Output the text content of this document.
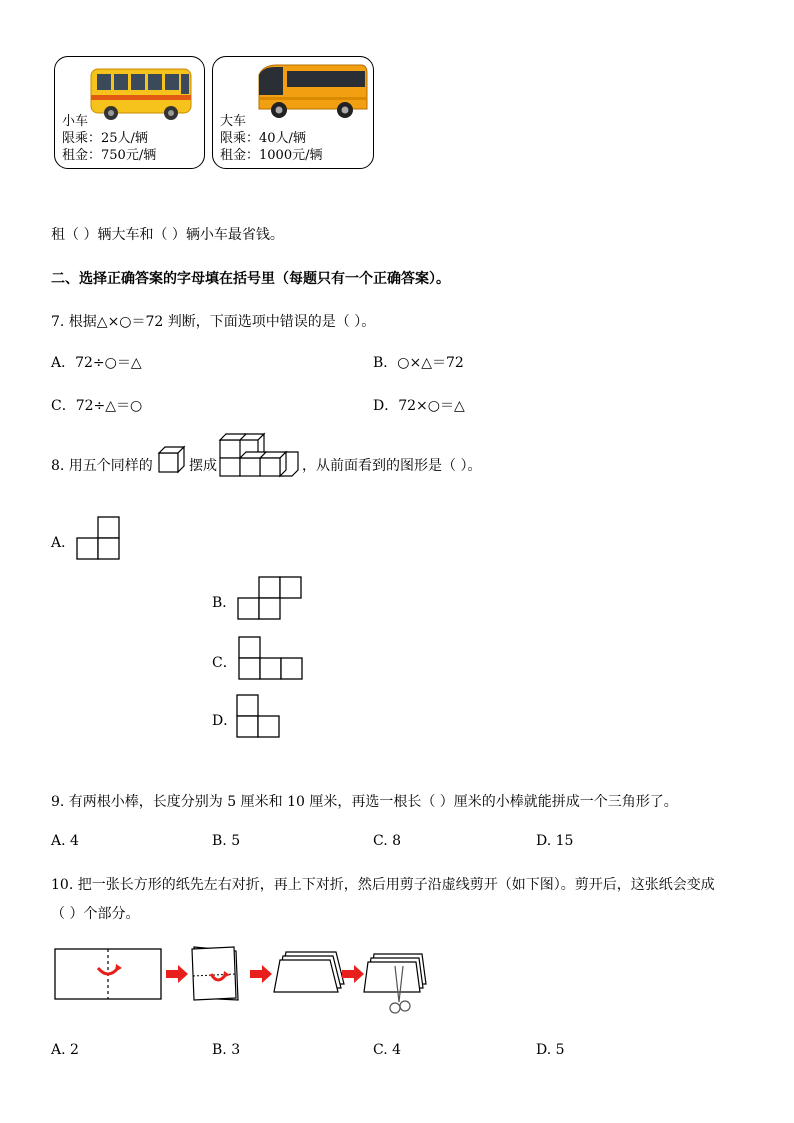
小车
限乘：25人/辆
租金：750元/辆
大车
限乘：40人/辆
租金：1000元/辆
租（ ）辆大车和（ ）辆小车最省钱。
二、选择正确答案的字母填在括号里（每题只有一个正确答案）。
7. 根据△×○＝72 判断，下面选项中错误的是（ ）。
A．72÷○＝△	B．○×△＝72
C．72÷△＝○	D．72×○＝△
8. 用五个同样的	摆成	，从前面看到的图形是（ ）。
A．
B．
C．
D．
9. 有两根小棒，长度分别为 5 厘米和 10 厘米，再选一根长（ ）厘米的小棒就能拼成一个三角形了。
A. 4	B. 5	C. 8	D. 15
10. 把一张长方形的纸先左右对折，再上下对折，然后用剪子沿虚线剪开（如下图）。剪开后，这张纸会变成
（ ）个部分。
A. 2	B. 3	C. 4	D. 5
